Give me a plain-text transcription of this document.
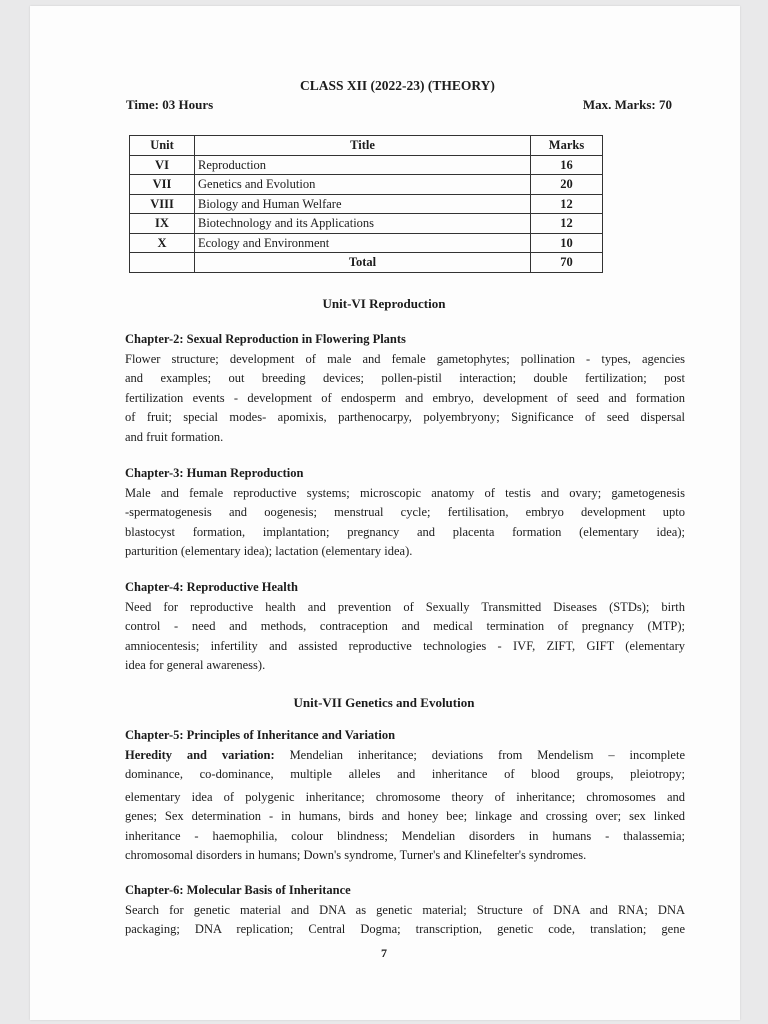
CLASS XII (2022-23) (THEORY)
Time: 03 Hours	Max. Marks: 70
Unit	Title	Marks
VI	Reproduction	16
VII	Genetics and Evolution	20
VIII	Biology and Human Welfare	12
IX	Biotechnology and its Applications	12
X	Ecology and Environment	10
	Total	70
Unit-VI Reproduction
Chapter-2: Sexual Reproduction in Flowering Plants
Flower structure; development of male and female gametophytes; pollination - types, agencies
and examples; out breeding devices; pollen-pistil interaction; double fertilization; post
fertilization events - development of endosperm and embryo, development of seed and formation
of fruit; special modes- apomixis, parthenocarpy, polyembryony; Significance of seed dispersal
and fruit formation.
Chapter-3: Human Reproduction
Male and female reproductive systems; microscopic anatomy of testis and ovary; gametogenesis
-spermatogenesis and oogenesis; menstrual cycle; fertilisation, embryo development upto
blastocyst formation, implantation; pregnancy and placenta formation (elementary idea);
parturition (elementary idea); lactation (elementary idea).
Chapter-4: Reproductive Health
Need for reproductive health and prevention of Sexually Transmitted Diseases (STDs); birth
control - need and methods, contraception and medical termination of pregnancy (MTP);
amniocentesis; infertility and assisted reproductive technologies - IVF, ZIFT, GIFT (elementary
idea for general awareness).
Unit-VII Genetics and Evolution
Chapter-5: Principles of Inheritance and Variation
Heredity and variation: Mendelian inheritance; deviations from Mendelism – incomplete
dominance, co-dominance, multiple alleles and inheritance of blood groups, pleiotropy;
elementary idea of polygenic inheritance; chromosome theory of inheritance; chromosomes and
genes; Sex determination - in humans, birds and honey bee; linkage and crossing over; sex linked
inheritance - haemophilia, colour blindness; Mendelian disorders in humans - thalassemia;
chromosomal disorders in humans; Down's syndrome, Turner's and Klinefelter's syndromes.
Chapter-6: Molecular Basis of Inheritance
Search for genetic material and DNA as genetic material; Structure of DNA and RNA; DNA
packaging; DNA replication; Central Dogma; transcription, genetic code, translation; gene
7
